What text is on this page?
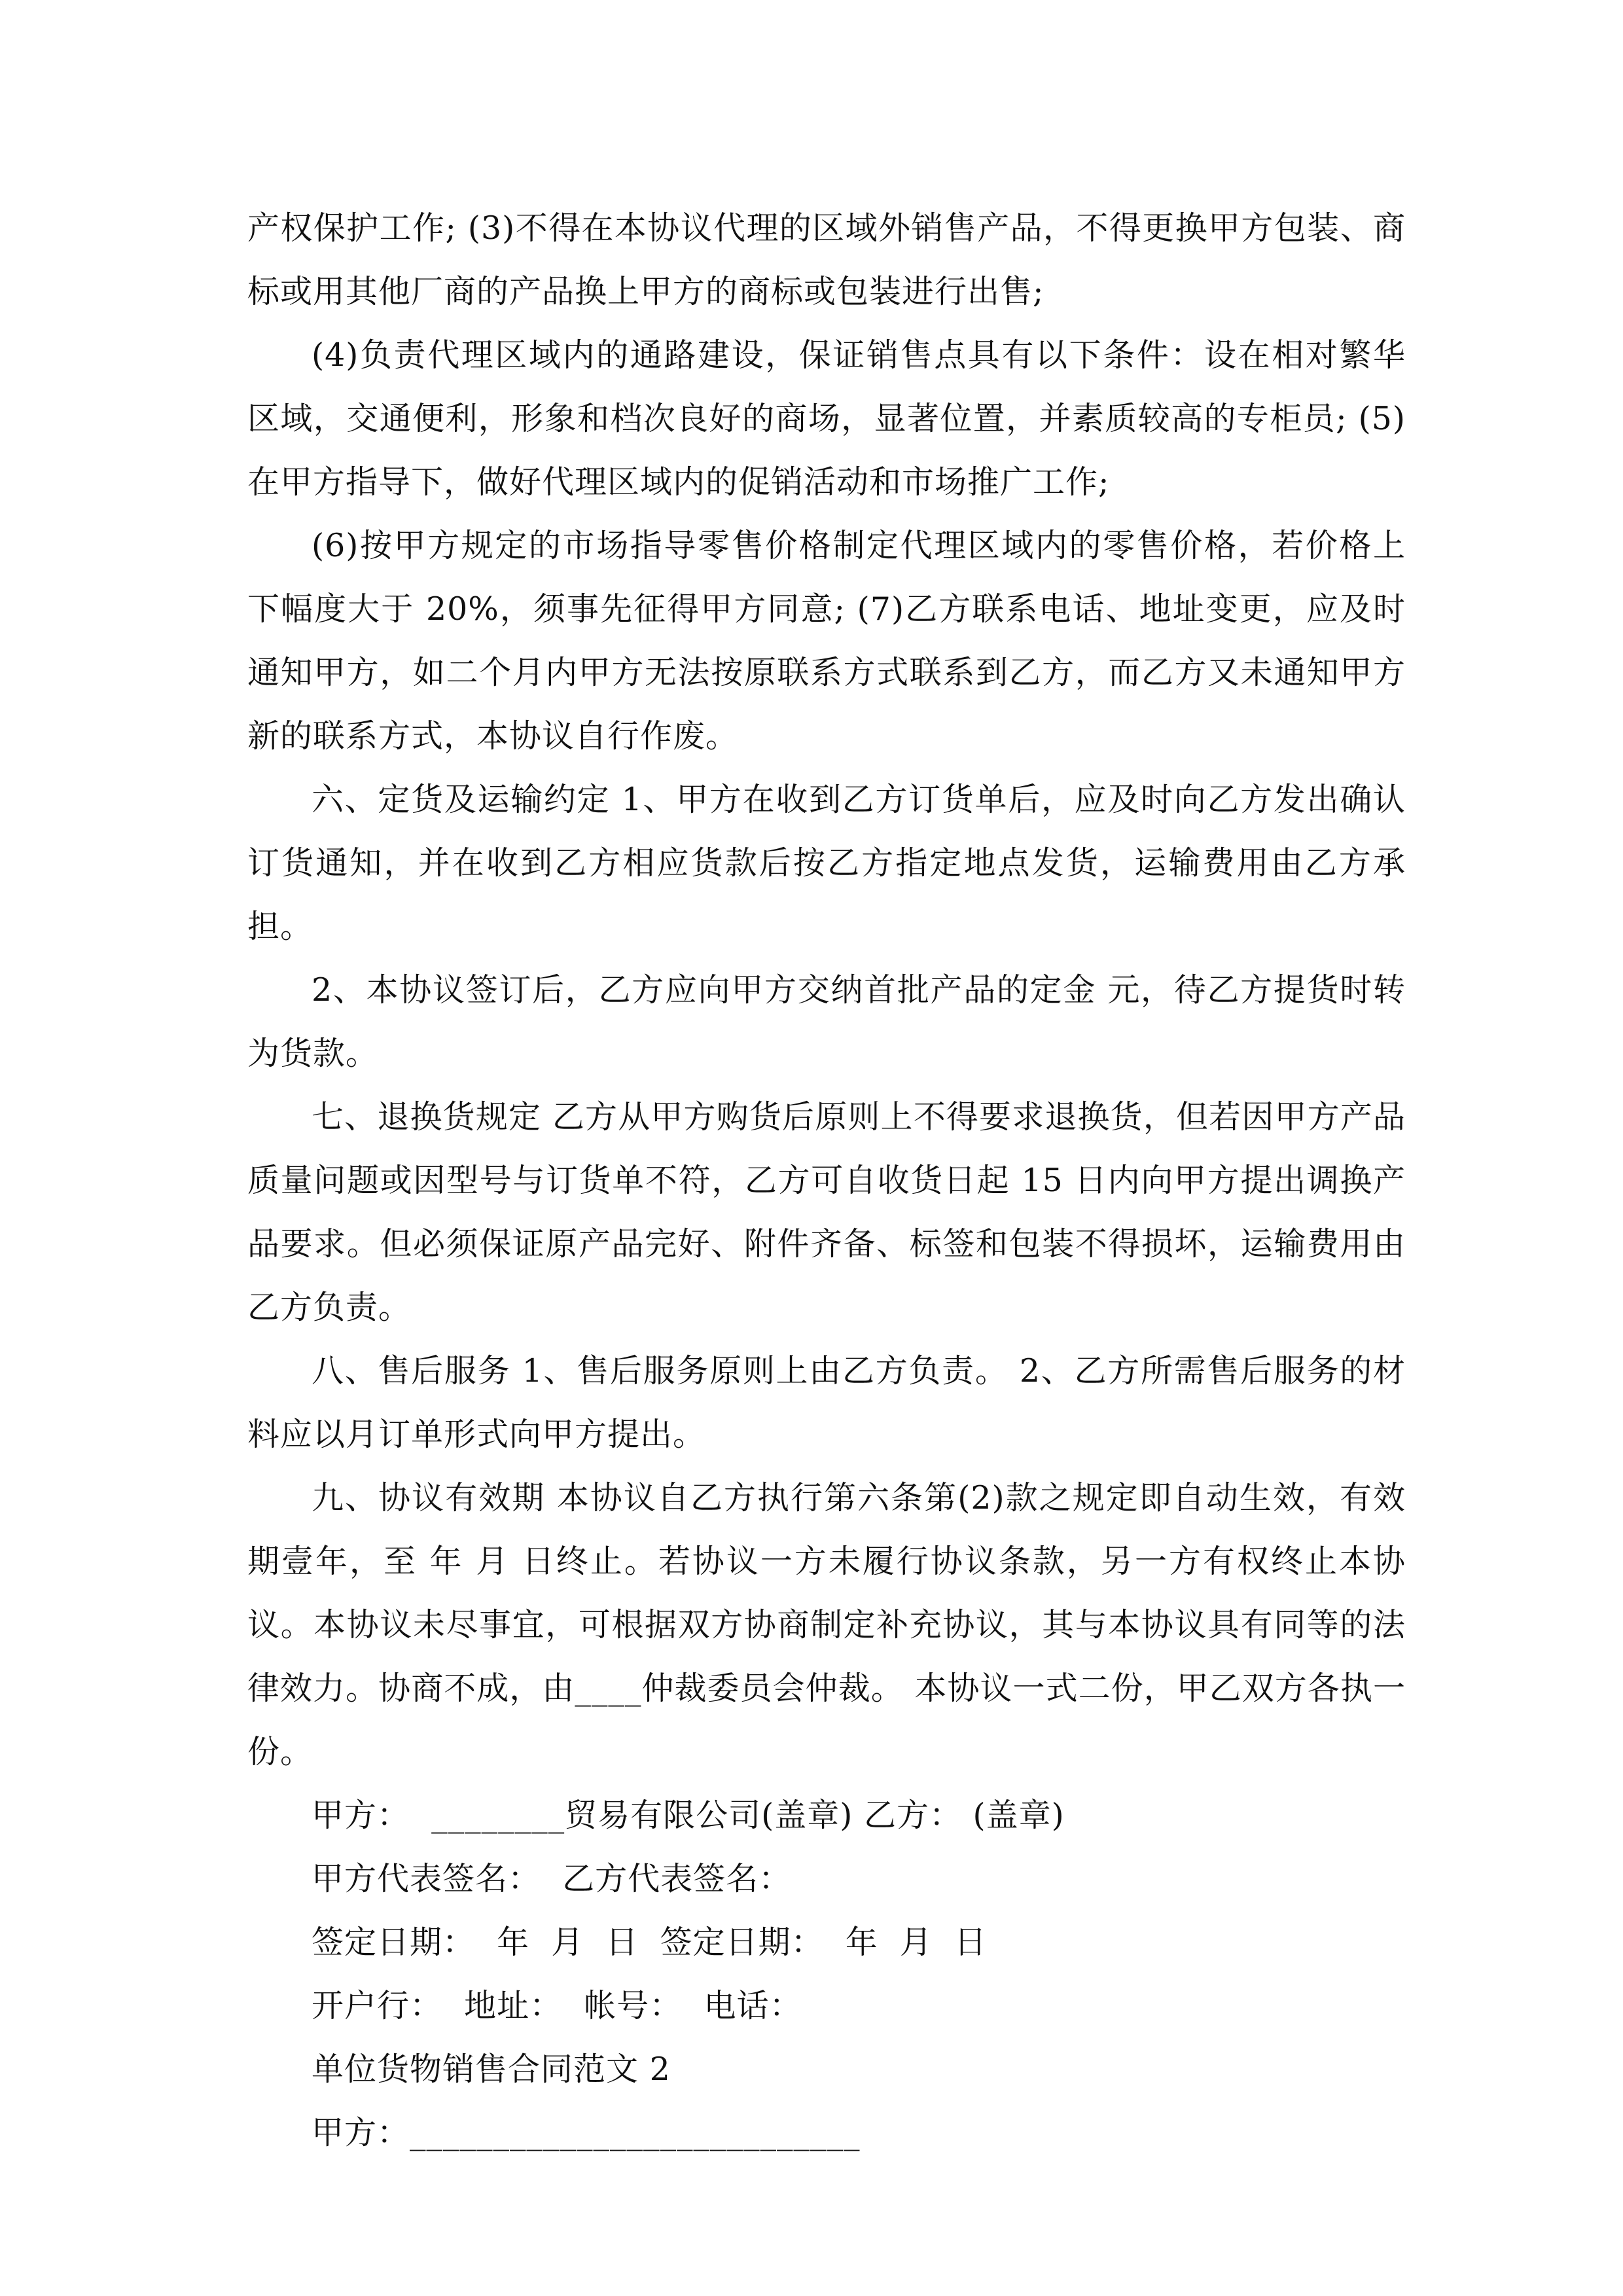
产权保护工作; (3)不得在本协议代理的区域外销售产品，不得更换甲方包装、商标或用其他厂商的产品换上甲方的商标或包装进行出售;

(4)负责代理区域内的通路建设，保证销售点具有以下条件：设在相对繁华区域，交通便利，形象和档次良好的商场，显著位置，并素质较高的专柜员; (5)在甲方指导下，做好代理区域内的促销活动和市场推广工作;

(6)按甲方规定的市场指导零售价格制定代理区域内的零售价格，若价格上下幅度大于 20%，须事先征得甲方同意; (7)乙方联系电话、地址变更，应及时通知甲方，如二个月内甲方无法按原联系方式联系到乙方，而乙方又未通知甲方新的联系方式，本协议自行作废。

六、定货及运输约定 1、甲方在收到乙方订货单后，应及时向乙方发出确认订货通知，并在收到乙方相应货款后按乙方指定地点发货，运输费用由乙方承担。

2、本协议签订后，乙方应向甲方交纳首批产品的定金 元，待乙方提货时转为货款。

七、退换货规定 乙方从甲方购货后原则上不得要求退换货，但若因甲方产品质量问题或因型号与订货单不符，乙方可自收货日起 15 日内向甲方提出调换产品要求。但必须保证原产品完好、附件齐备、标签和包装不得损坏，运输费用由乙方负责。

八、售后服务 1、售后服务原则上由乙方负责。 2、乙方所需售后服务的材料应以月订单形式向甲方提出。

九、协议有效期 本协议自乙方执行第六条第(2)款之规定即自动生效，有效期壹年，至 年 月 日终止。若协议一方未履行协议条款，另一方有权终止本协议。本协议未尽事宜，可根据双方协商制定补充协议，其与本协议具有同等的法律效力。协商不成，由____仲裁委员会仲裁。 本协议一式二份，甲乙双方各执一份。

甲方：  ________贸易有限公司(盖章) 乙方： (盖章)

甲方代表签名：  乙方代表签名：

签定日期：  年  月  日  签定日期：  年  月  日

开户行：  地址：  帐号：  电话：

单位货物销售合同范文 2

甲方：___________________________
